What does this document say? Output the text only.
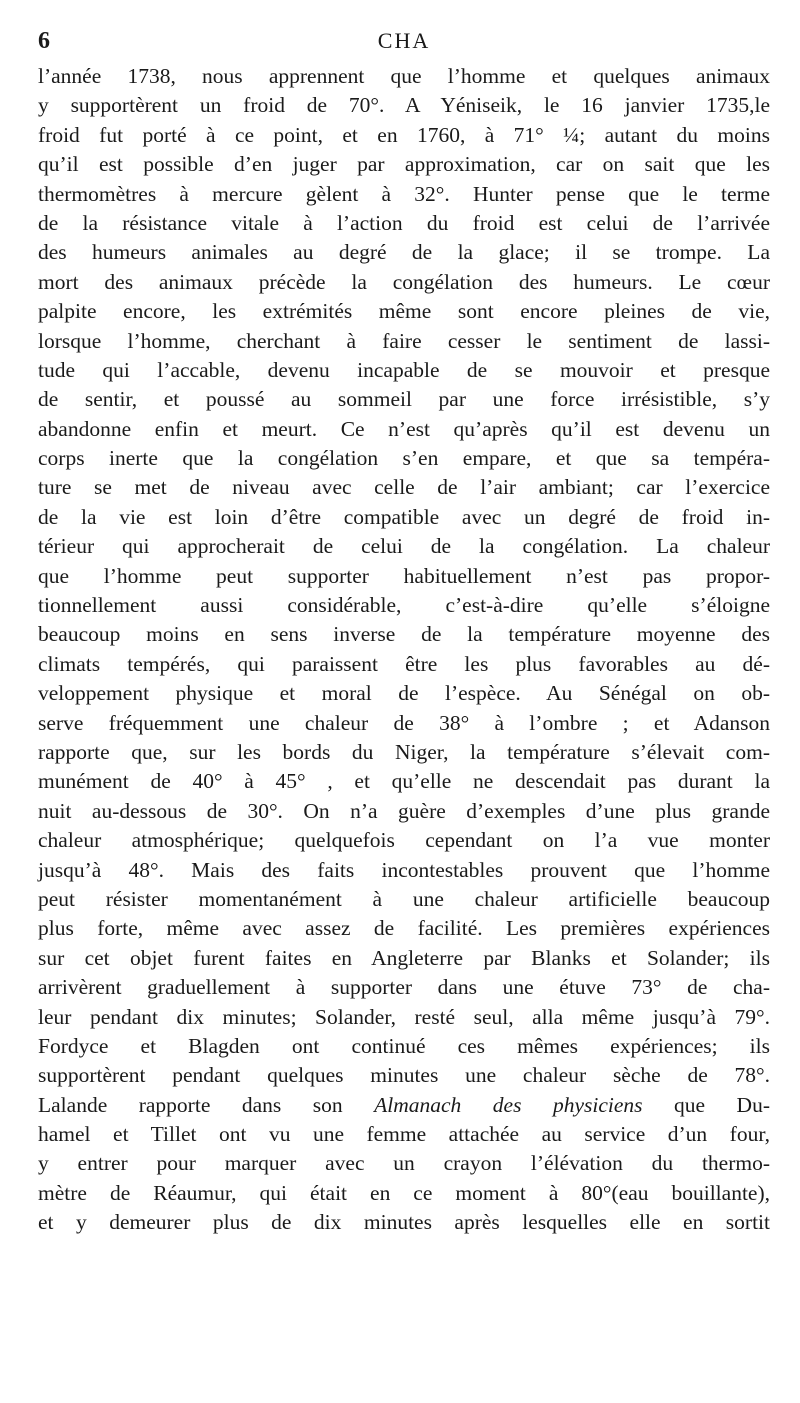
6	CHA
l’année 1738, nous apprennent que l’homme et quelques animaux
y supportèrent un froid de 70°. A Yéniseik, le 16 janvier 1735,le
froid fut porté à ce point, et en 1760, à 71° ¼; autant du moins
qu’il est possible d’en juger par approximation, car on sait que les
thermomètres à mercure gèlent à 32°. Hunter pense que le terme
de la résistance vitale à l’action du froid est celui de l’arrivée
des humeurs animales au degré de la glace; il se trompe. La
mort des animaux précède la congélation des humeurs. Le cœur
palpite encore, les extrémités même sont encore pleines de vie,
lorsque l’homme, cherchant à faire cesser le sentiment de lassi-
tude qui l’accable, devenu incapable de se mouvoir et presque
de sentir, et poussé au sommeil par une force irrésistible, s’y
abandonne enfin et meurt. Ce n’est qu’après qu’il est devenu un
corps inerte que la congélation s’en empare, et que sa tempéra-
ture se met de niveau avec celle de l’air ambiant; car l’exercice
de la vie est loin d’être compatible avec un degré de froid in-
térieur qui approcherait de celui de la congélation. La chaleur
que l’homme peut supporter habituellement n’est pas propor-
tionnellement aussi considérable, c’est-à-dire qu’elle s’éloigne
beaucoup moins en sens inverse de la température moyenne des
climats tempérés, qui paraissent être les plus favorables au dé-
veloppement physique et moral de l’espèce. Au Sénégal on ob-
serve fréquemment une chaleur de 38° à l’ombre ; et Adanson
rapporte que, sur les bords du Niger, la température s’élevait com-
munément de 40° à 45° , et qu’elle ne descendait pas durant la
nuit au-dessous de 30°. On n’a guère d’exemples d’une plus grande
chaleur atmosphérique; quelquefois cependant on l’a vue monter
jusqu’à 48°. Mais des faits incontestables prouvent que l’homme
peut résister momentanément à une chaleur artificielle beaucoup
plus forte, même avec assez de facilité. Les premières expériences
sur cet objet furent faites en Angleterre par Blanks et Solander; ils
arrivèrent graduellement à supporter dans une étuve 73° de cha-
leur pendant dix minutes; Solander, resté seul, alla même jusqu’à 79°.
Fordyce et Blagden ont continué ces mêmes expériences; ils
supportèrent pendant quelques minutes une chaleur sèche de 78°.
Lalande rapporte dans son Almanach des physiciens que Du-
hamel et Tillet ont vu une femme attachée au service d’un four,
y entrer pour marquer avec un crayon l’élévation du thermo-
mètre de Réaumur, qui était en ce moment à 80°(eau bouillante),
et y demeurer plus de dix minutes après lesquelles elle en sortit
